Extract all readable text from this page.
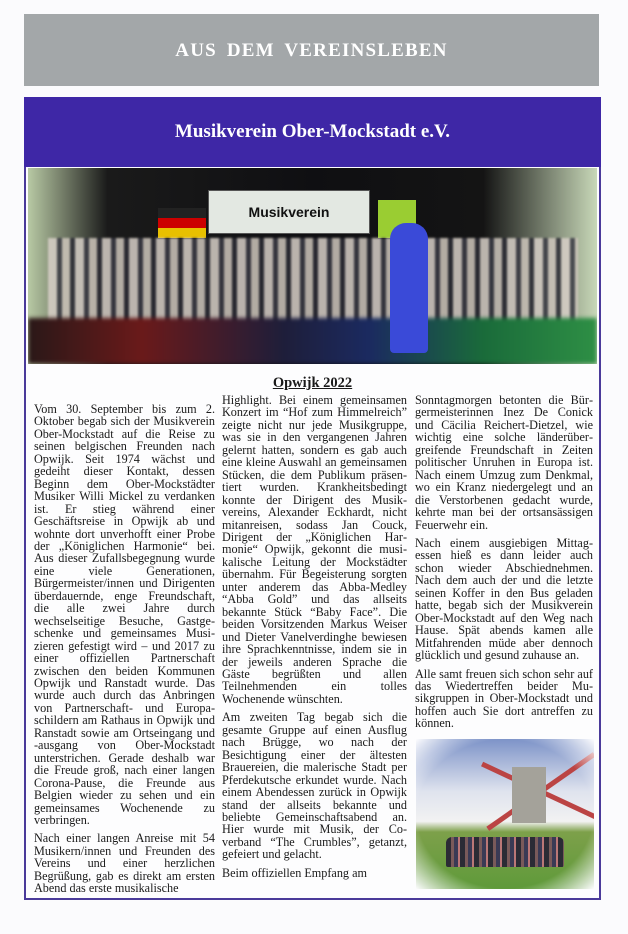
AUS DEM VEREINSLEBEN
Musikverein Ober-Mockstadt e.V.
Musikverein
Opwijk 2022

Vom 30. September bis zum 2. Oktober begab sich der Musikverein Ober-Mockstadt auf die Reise zu seinen belgischen Freunden nach Opwijk. Seit 1974 wächst und gedeiht dieser Kontakt, dessen Beginn dem Ober-Mockstädter Musiker Willi Mickel zu verdanken ist. Er stieg während einer Geschäftsreise in Opwijk ab und wohnte dort unverhofft einer Probe der „Königlichen Harmonie“ bei. Aus dieser Zufallsbegegnung wurde eine viele Generationen, Bürgermeister/innen und Dirigenten überdauernde, enge Freundschaft, die alle zwei Jahre durch wechselseitige Besuche, Gastgeschenke und gemeinsames Musizieren gefestigt wird – und 2017 zu einer offiziellen Partnerschaft zwischen den beiden Kommunen Opwijk und Ranstadt wurde. Das wurde auch durch das Anbringen von Partnerschaft- und Europaschildern am Rathaus in Opwijk und Ranstadt sowie am Ortseingang und -ausgang von Ober-Mockstadt unterstrichen. Gerade deshalb war die Freude groß, nach einer langen Corona-Pause, die Freunde aus Belgien wieder zu sehen und ein gemeinsames Wochenende zu verbringen.

Nach einer langen Anreise mit 54 Musikern/innen und Freunden des Vereins und einer herzlichen Begrüßung, gab es direkt am ersten Abend das erste musikalische

Highlight. Bei einem gemeinsamen Konzert im “Hof zum Himmelreich” zeigte nicht nur jede Musikgruppe, was sie in den vergangenen Jahren gelernt hatten, sondern es gab auch eine kleine Auswahl an gemeinsamen Stücken, die dem Publikum präsentiert wurden. Krankheitsbedingt konnte der Dirigent des Musikvereins, Alexander Eckhardt, nicht mitanreisen, sodass Jan Couck, Dirigent der „Königlichen Harmonie“ Opwijk, gekonnt die musikalische Leitung der Mockstädter übernahm. Für Begeisterung sorgten unter anderem das Abba-Medley “Abba Gold” und das allseits bekannte Stück “Baby Face”. Die beiden Vorsitzenden Markus Weiser und Dieter Vanelverdinghe bewiesen ihre Sprachkenntnisse, indem sie in der jeweils anderen Sprache die Gäste begrüßten und allen Teilnehmenden ein tolles Wochenende wünschten.

Am zweiten Tag begab sich die gesamte Gruppe auf einen Ausflug nach Brügge, wo nach der Besichtigung einer der ältesten Brauereien, die malerische Stadt per Pferdekutsche erkundet wurde. Nach einem Abendessen zurück in Opwijk stand der allseits bekannte und beliebte Gemeinschaftsabend an. Hier wurde mit Musik, der Coverband “The Crumbles”, getanzt, gefeiert und gelacht.

Beim offiziellen Empfang am

Sonntagmorgen betonten die Bürgermeisterinnen Inez De Conick und Cäcilia Reichert-Dietzel, wie wichtig eine solche länderübergreifende Freundschaft in Zeiten politischer Unruhen in Europa ist. Nach einem Umzug zum Denkmal, wo ein Kranz niedergelegt und an die Verstorbenen gedacht wurde, kehrte man bei der ortsansässigen Feuerwehr ein.

Nach einem ausgiebigen Mittagessen hieß es dann leider auch schon wieder Abschiednehmen. Nach dem auch der und die letzte seinen Koffer in den Bus geladen hatte, begab sich der Musikverein Ober-Mockstadt auf den Weg nach Hause. Spät abends kamen alle Mitfahrenden müde aber dennoch glücklich und gesund zuhause an.

Alle samt freuen sich schon sehr auf das Wiedertreffen beider Musikgruppen in Ober-Mockstadt und hoffen auch Sie dort antreffen zu können.
